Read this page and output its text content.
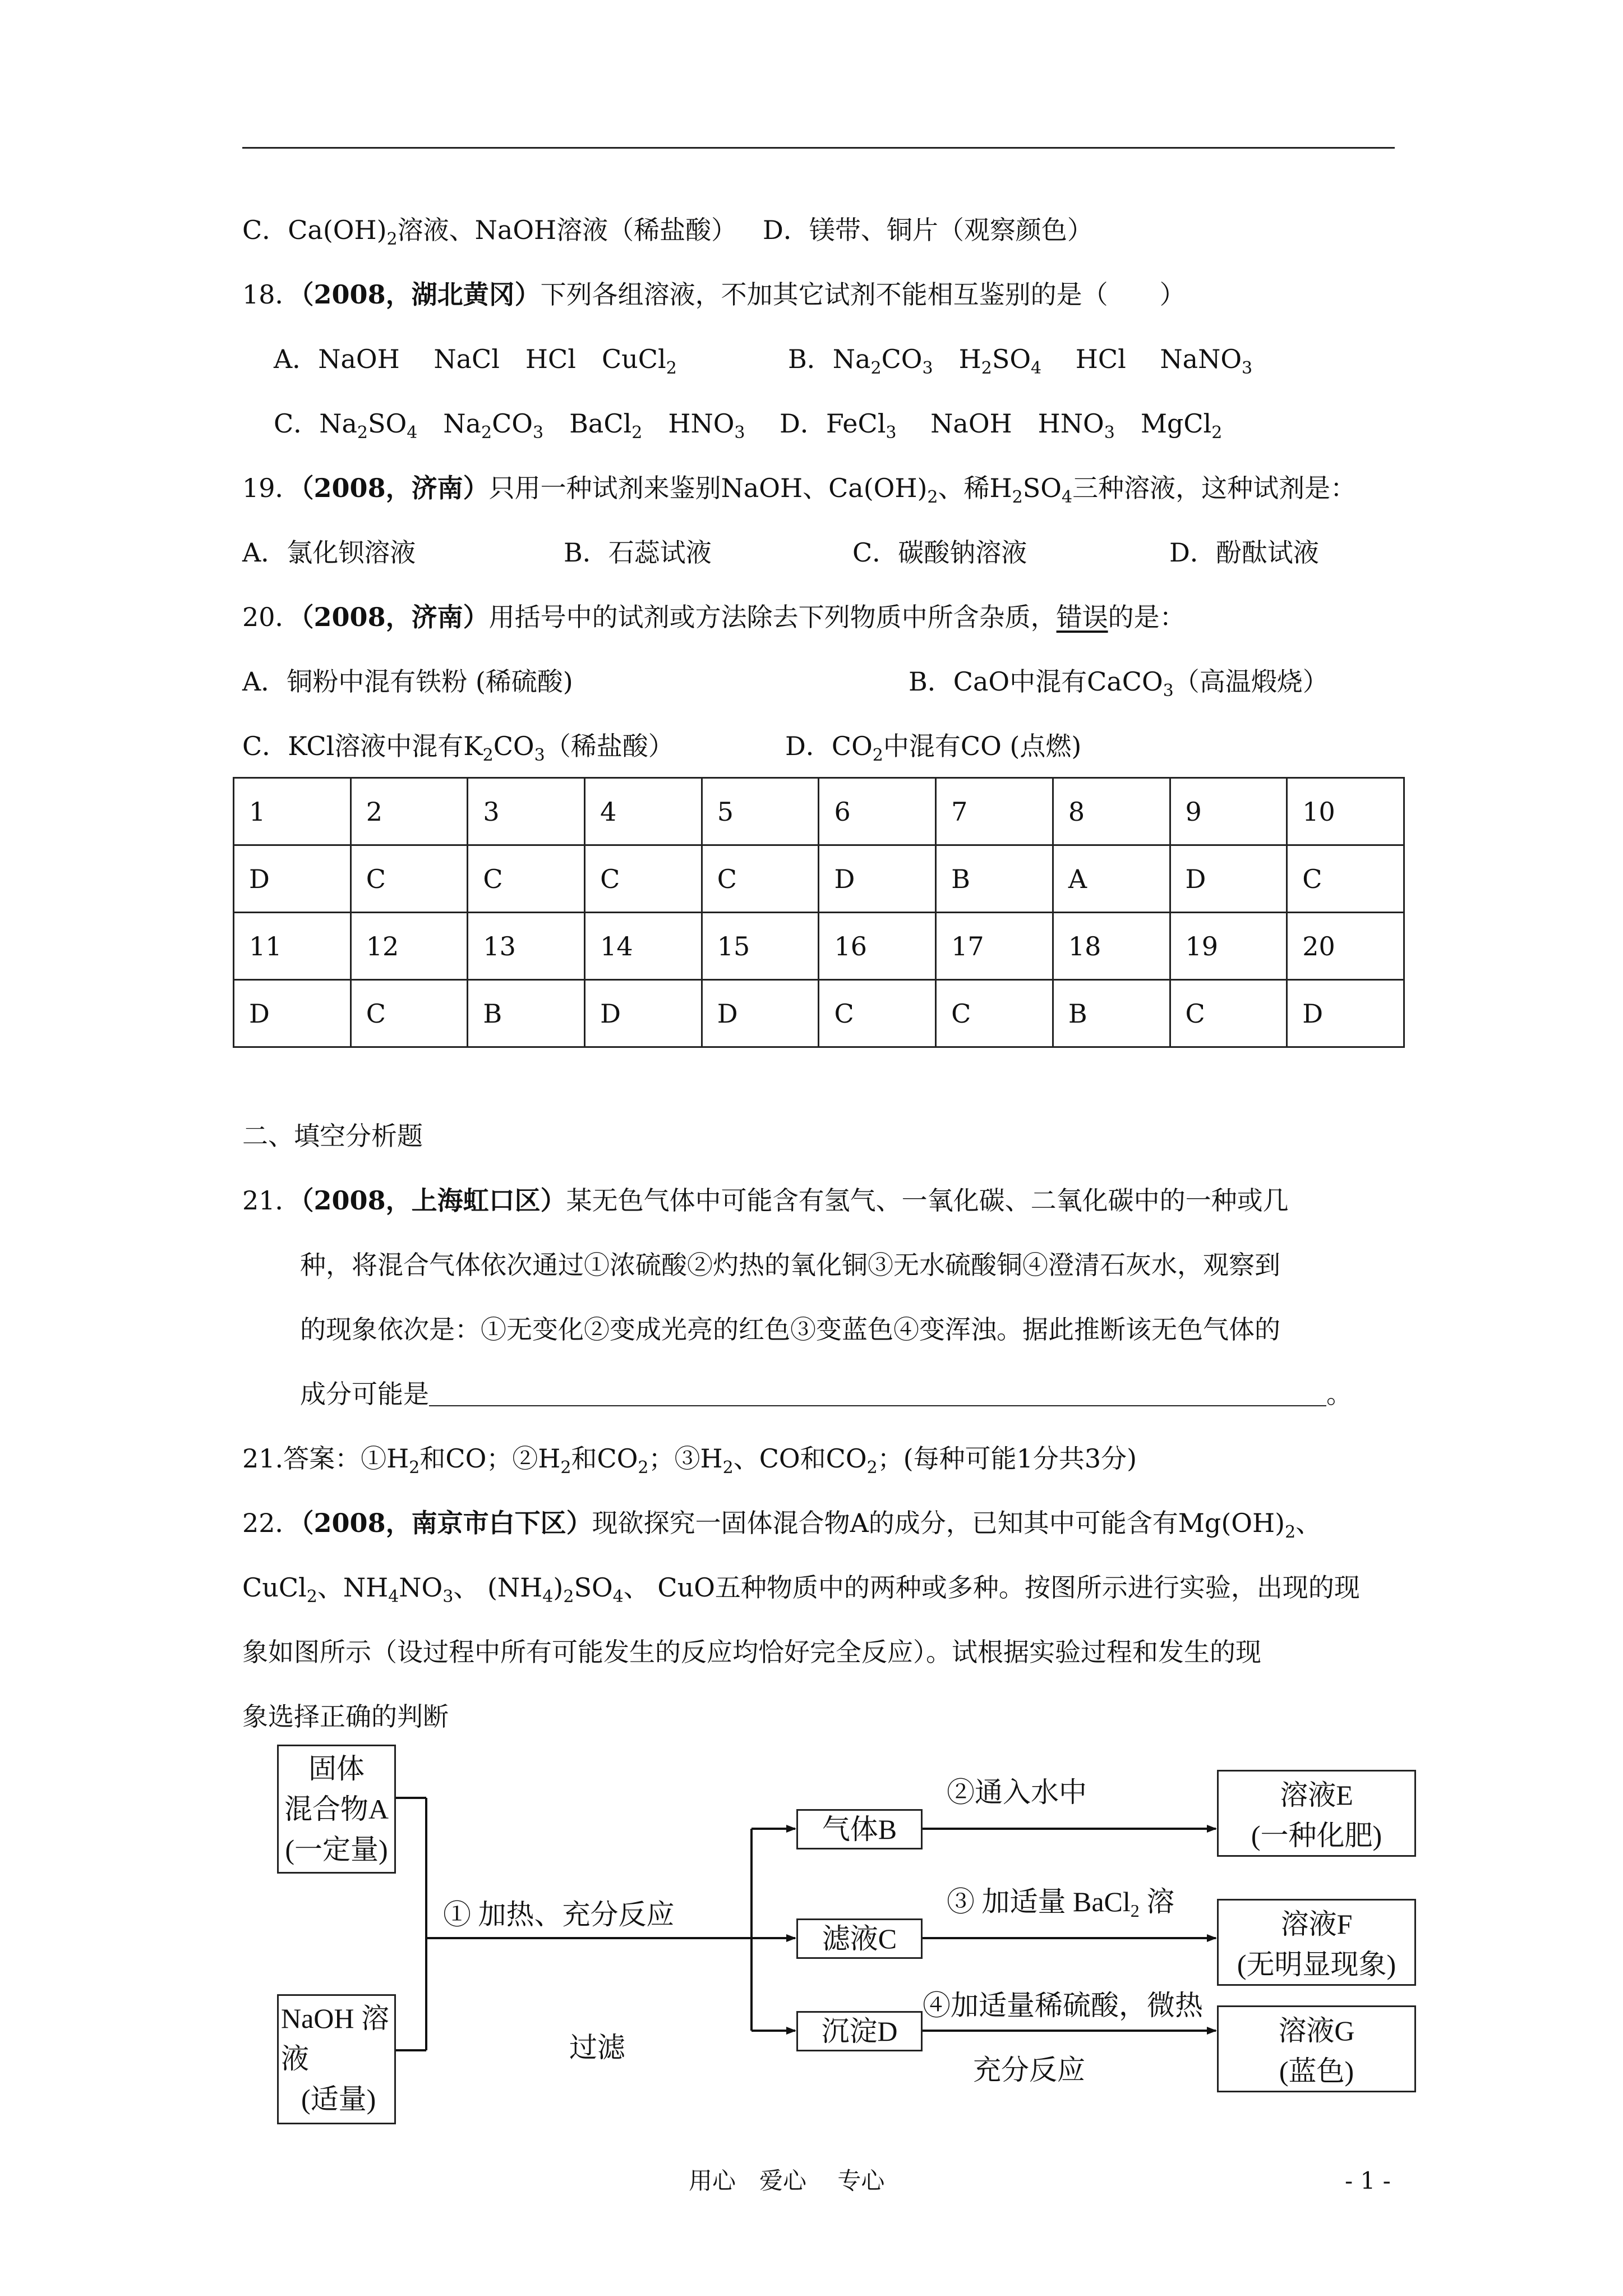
C．$Ca(OH)_2$溶液、NaOH溶液（稀盐酸） D．镁带、铜片（观察颜色）
18．（2008，湖北黄冈）下列各组溶液，不加其它试剂不能相互鉴别的是（　　）
A．NaOH　 NaCl　HCl　CuCl$_2$	B．$Na_2CO_3$　$H_2SO_4$　 HCl　 NaNO$_3$
C．$Na_2SO_4$　$Na_2CO_3$　BaCl$_2$　$HNO_3$ D．FeCl$_3$　 NaOH　$HNO_3$　MgCl$_2$
19．（2008，济南）只用一种试剂来鉴别NaOH、$Ca(OH)_2$、稀$H_2SO_4$三种溶液，这种试剂是：
A．氯化钡溶液	B．石蕊试液	C．碳酸钠溶液	D．酚酞试液
20．（2008，济南）用括号中的试剂或方法除去下列物质中所含杂质，错误的是：
A．铜粉中混有铁粉 (稀硫酸)	B．CaO中混有CaCO$_3$（高温煅烧）
C．KCl溶液中混有$K_2CO_3$（稀盐酸）	D．$CO_2$中混有CO (点燃)
1	2	3	4	5	6	7	8	9	10
D	C	C	C	C	D	B	A	D	C
11	12	13	14	15	16	17	18	19	20
D	C	B	D	D	C	C	B	C	D
二、填空分析题
21．（2008，上海虹口区）某无色气体中可能含有氢气、一氧化碳、二氧化碳中的一种或几
种，将混合气体依次通过①浓硫酸②灼热的氧化铜③无水硫酸铜④澄清石灰水，观察到
的现象依次是：①无变化②变成光亮的红色③变蓝色④变浑浊。据此推断该无色气体的
成分可能是	。
21.答案：$①H_2$和CO；$②H_2$和$CO_2$；$③H_2$、CO和$CO_2$；(每种可能1分共3分)
22．（2008，南京市白下区）现欲探究一固体混合物A的成分，已知其中可能含有$Mg(OH)_2$、
CuCl$_2$、$NH_4NO_3$、 $(NH_4)_2SO_4$、 CuO五种物质中的两种或多种。按图所示进行实验，出现的现
象如图所示（设过程中所有可能发生的反应均恰好完全反应）。试根据实验过程和发生的现
象选择正确的判断
固体
混合物A
(一定量)
NaOH 溶
液
(适量)
① 加热、充分反应
过滤
气体B
滤液C
沉淀D
②通入水中
③ 加适量 BaCl$_2$ 溶
④加适量稀硫酸，微热
充分反应
溶液E
(一种化肥)
溶液F
(无明显现象)
溶液G
(蓝色)
用心　爱心　 专心	- 1 -
